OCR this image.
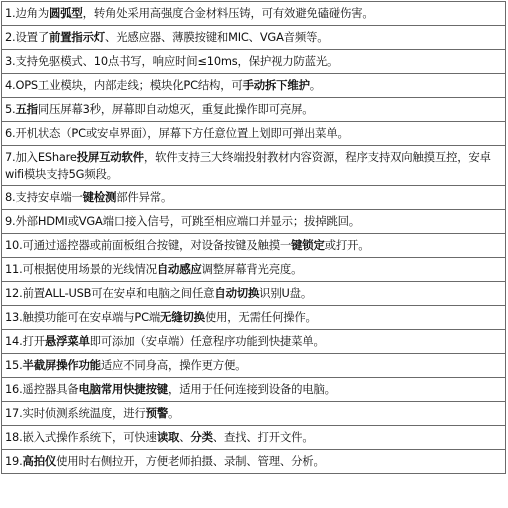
1.边角为圆弧型，转角处采用高强度合金材料压铸，可有效避免磕碰伤害。
2.设置了前置指示灯、光感应器、薄膜按键和MIC、VGA音频等。
3.支持免驱模式、10点书写，响应时间≤10ms，保护视力防蓝光。
4.OPS工业模块，内部走线；模块化PC结构，可手动拆下维护。
5.五指同压屏幕3秒，屏幕即自动熄灭，重复此操作即可亮屏。
6.开机状态（PC或安卓界面），屏幕下方任意位置上划即可弹出菜单。
7.加入EShare投屏互动软件，软件支持三大终端投射教材内容资源，程序支持双向触摸互控，安卓wifi模块支持5G频段。
8.支持安卓端一键检测部件异常。
9.外部HDMI或VGA端口接入信号，可跳至相应端口并显示；拔掉跳回。
10.可通过遥控器或前面板组合按键，对设备按键及触摸一键锁定或打开。
11.可根据使用场景的光线情况自动感应调整屏幕背光亮度。
12.前置ALL-USB可在安卓和电脑之间任意自动切换识别U盘。
13.触摸功能可在安卓端与PC端无缝切换使用，无需任何操作。
14.打开悬浮菜单即可添加（安卓端）任意程序功能到快捷菜单。
15.半截屏操作功能适应不同身高，操作更方便。
16.遥控器具备电脑常用快捷按键，适用于任何连接到设备的电脑。
17.实时侦测系统温度，进行预警。
18.嵌入式操作系统下，可快速读取、分类、查找、打开文件。
19.高拍仪使用时右侧拉开，方便老师拍摄、录制、管理、分析。
